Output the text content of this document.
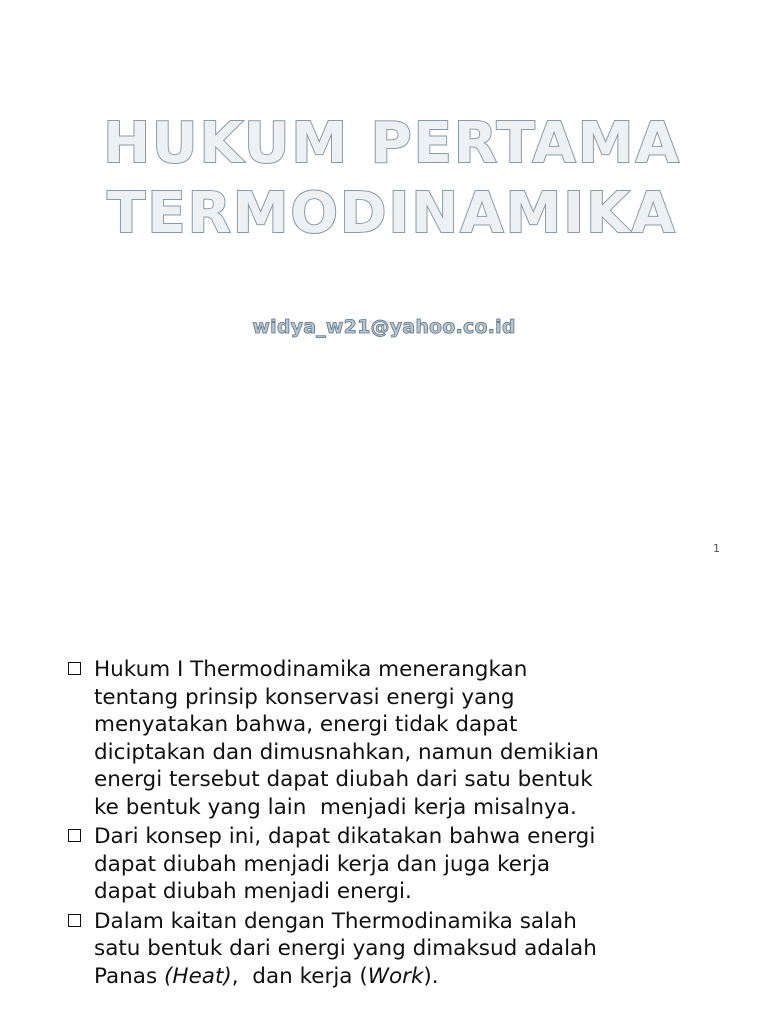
HUKUM PERTAMA
TERMODINAMIKA
widya_w21@yahoo.co.id
1
Hukum I Thermodinamika menerangkan
tentang prinsip konservasi energi yang
menyatakan bahwa, energi tidak dapat
diciptakan dan dimusnahkan, namun demikian
energi tersebut dapat diubah dari satu bentuk
ke bentuk yang lain  menjadi kerja misalnya.
Dari konsep ini, dapat dikatakan bahwa energi
dapat diubah menjadi kerja dan juga kerja
dapat diubah menjadi energi.
Dalam kaitan dengan Thermodinamika salah
satu bentuk dari energi yang dimaksud adalah
Panas (Heat),  dan kerja (Work).
